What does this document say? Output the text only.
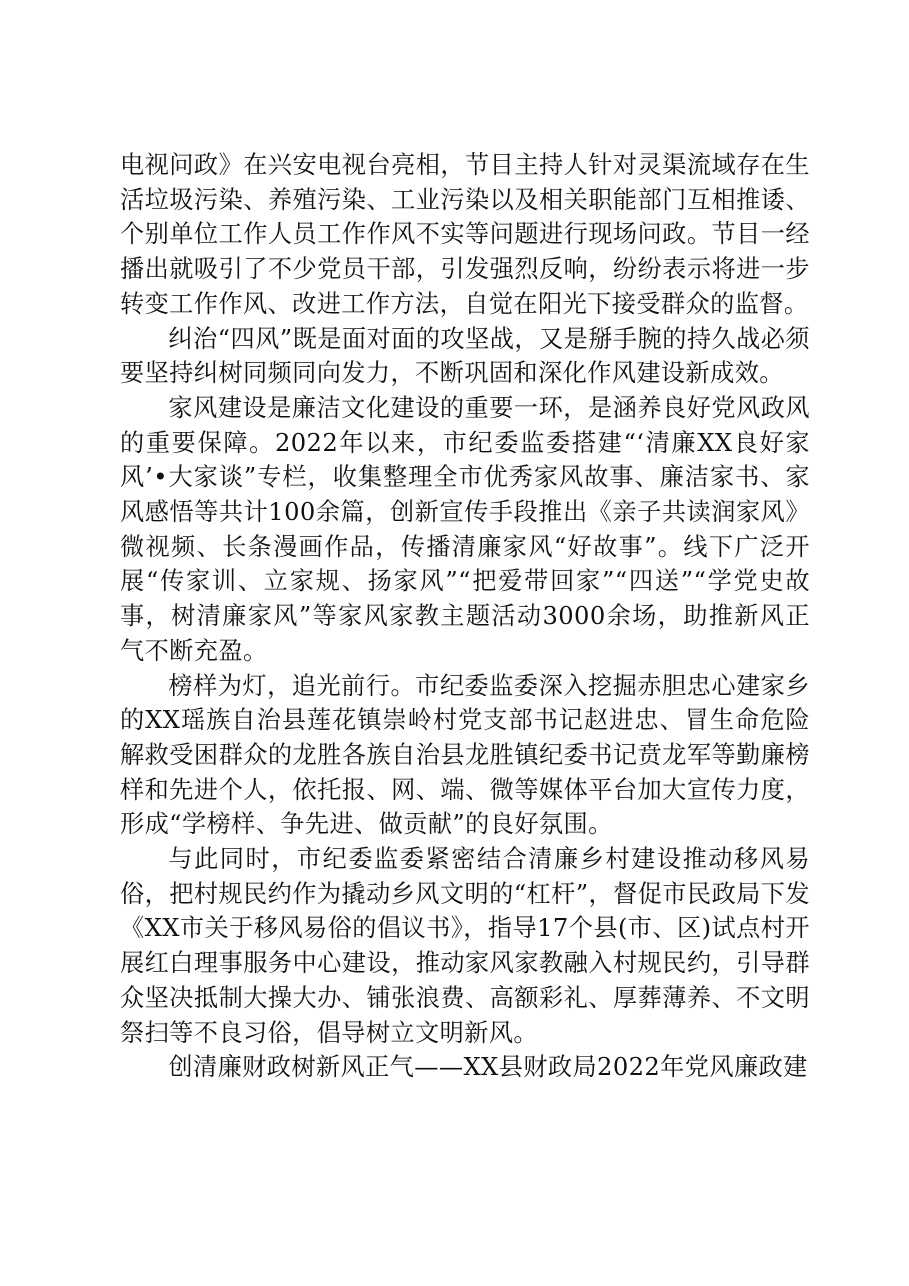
电视问政》在兴安电视台亮相，节目主持人针对灵渠流域存在生活垃圾污染、养殖污染、工业污染以及相关职能部门互相推诿、个别单位工作人员工作作风不实等问题进行现场问政。节目一经播出就吸引了不少党员干部，引发强烈反响，纷纷表示将进一步转变工作作风、改进工作方法，自觉在阳光下接受群众的监督。

纠治“四风”既是面对面的攻坚战，又是掰手腕的持久战必须要坚持纠树同频同向发力，不断巩固和深化作风建设新成效。

家风建设是廉洁文化建设的重要一环，是涵养良好党风政风的重要保障。2022年以来，市纪委监委搭建“‘清廉XX良好家风’•大家谈”专栏，收集整理全市优秀家风故事、廉洁家书、家风感悟等共计100余篇，创新宣传手段推出《亲子共读润家风》微视频、长条漫画作品，传播清廉家风“好故事”。线下广泛开展“传家训、立家规、扬家风”“把爱带回家”“四送”“学党史故事，树清廉家风”等家风家教主题活动3000余场，助推新风正气不断充盈。

榜样为灯，追光前行。市纪委监委深入挖掘赤胆忠心建家乡的XX瑶族自治县莲花镇崇岭村党支部书记赵进忠、冒生命危险解救受困群众的龙胜各族自治县龙胜镇纪委书记贲龙军等勤廉榜样和先进个人，依托报、网、端、微等媒体平台加大宣传力度，形成“学榜样、争先进、做贡献”的良好氛围。

与此同时，市纪委监委紧密结合清廉乡村建设推动移风易俗，把村规民约作为撬动乡风文明的“杠杆”，督促市民政局下发《XX市关于移风易俗的倡议书》，指导17个县(市、区)试点村开展红白理事服务中心建设，推动家风家教融入村规民约，引导群众坚决抵制大操大办、铺张浪费、高额彩礼、厚葬薄养、不文明祭扫等不良习俗，倡导树立文明新风。

创清廉财政树新风正气——XX县财政局2022年党风廉政建
